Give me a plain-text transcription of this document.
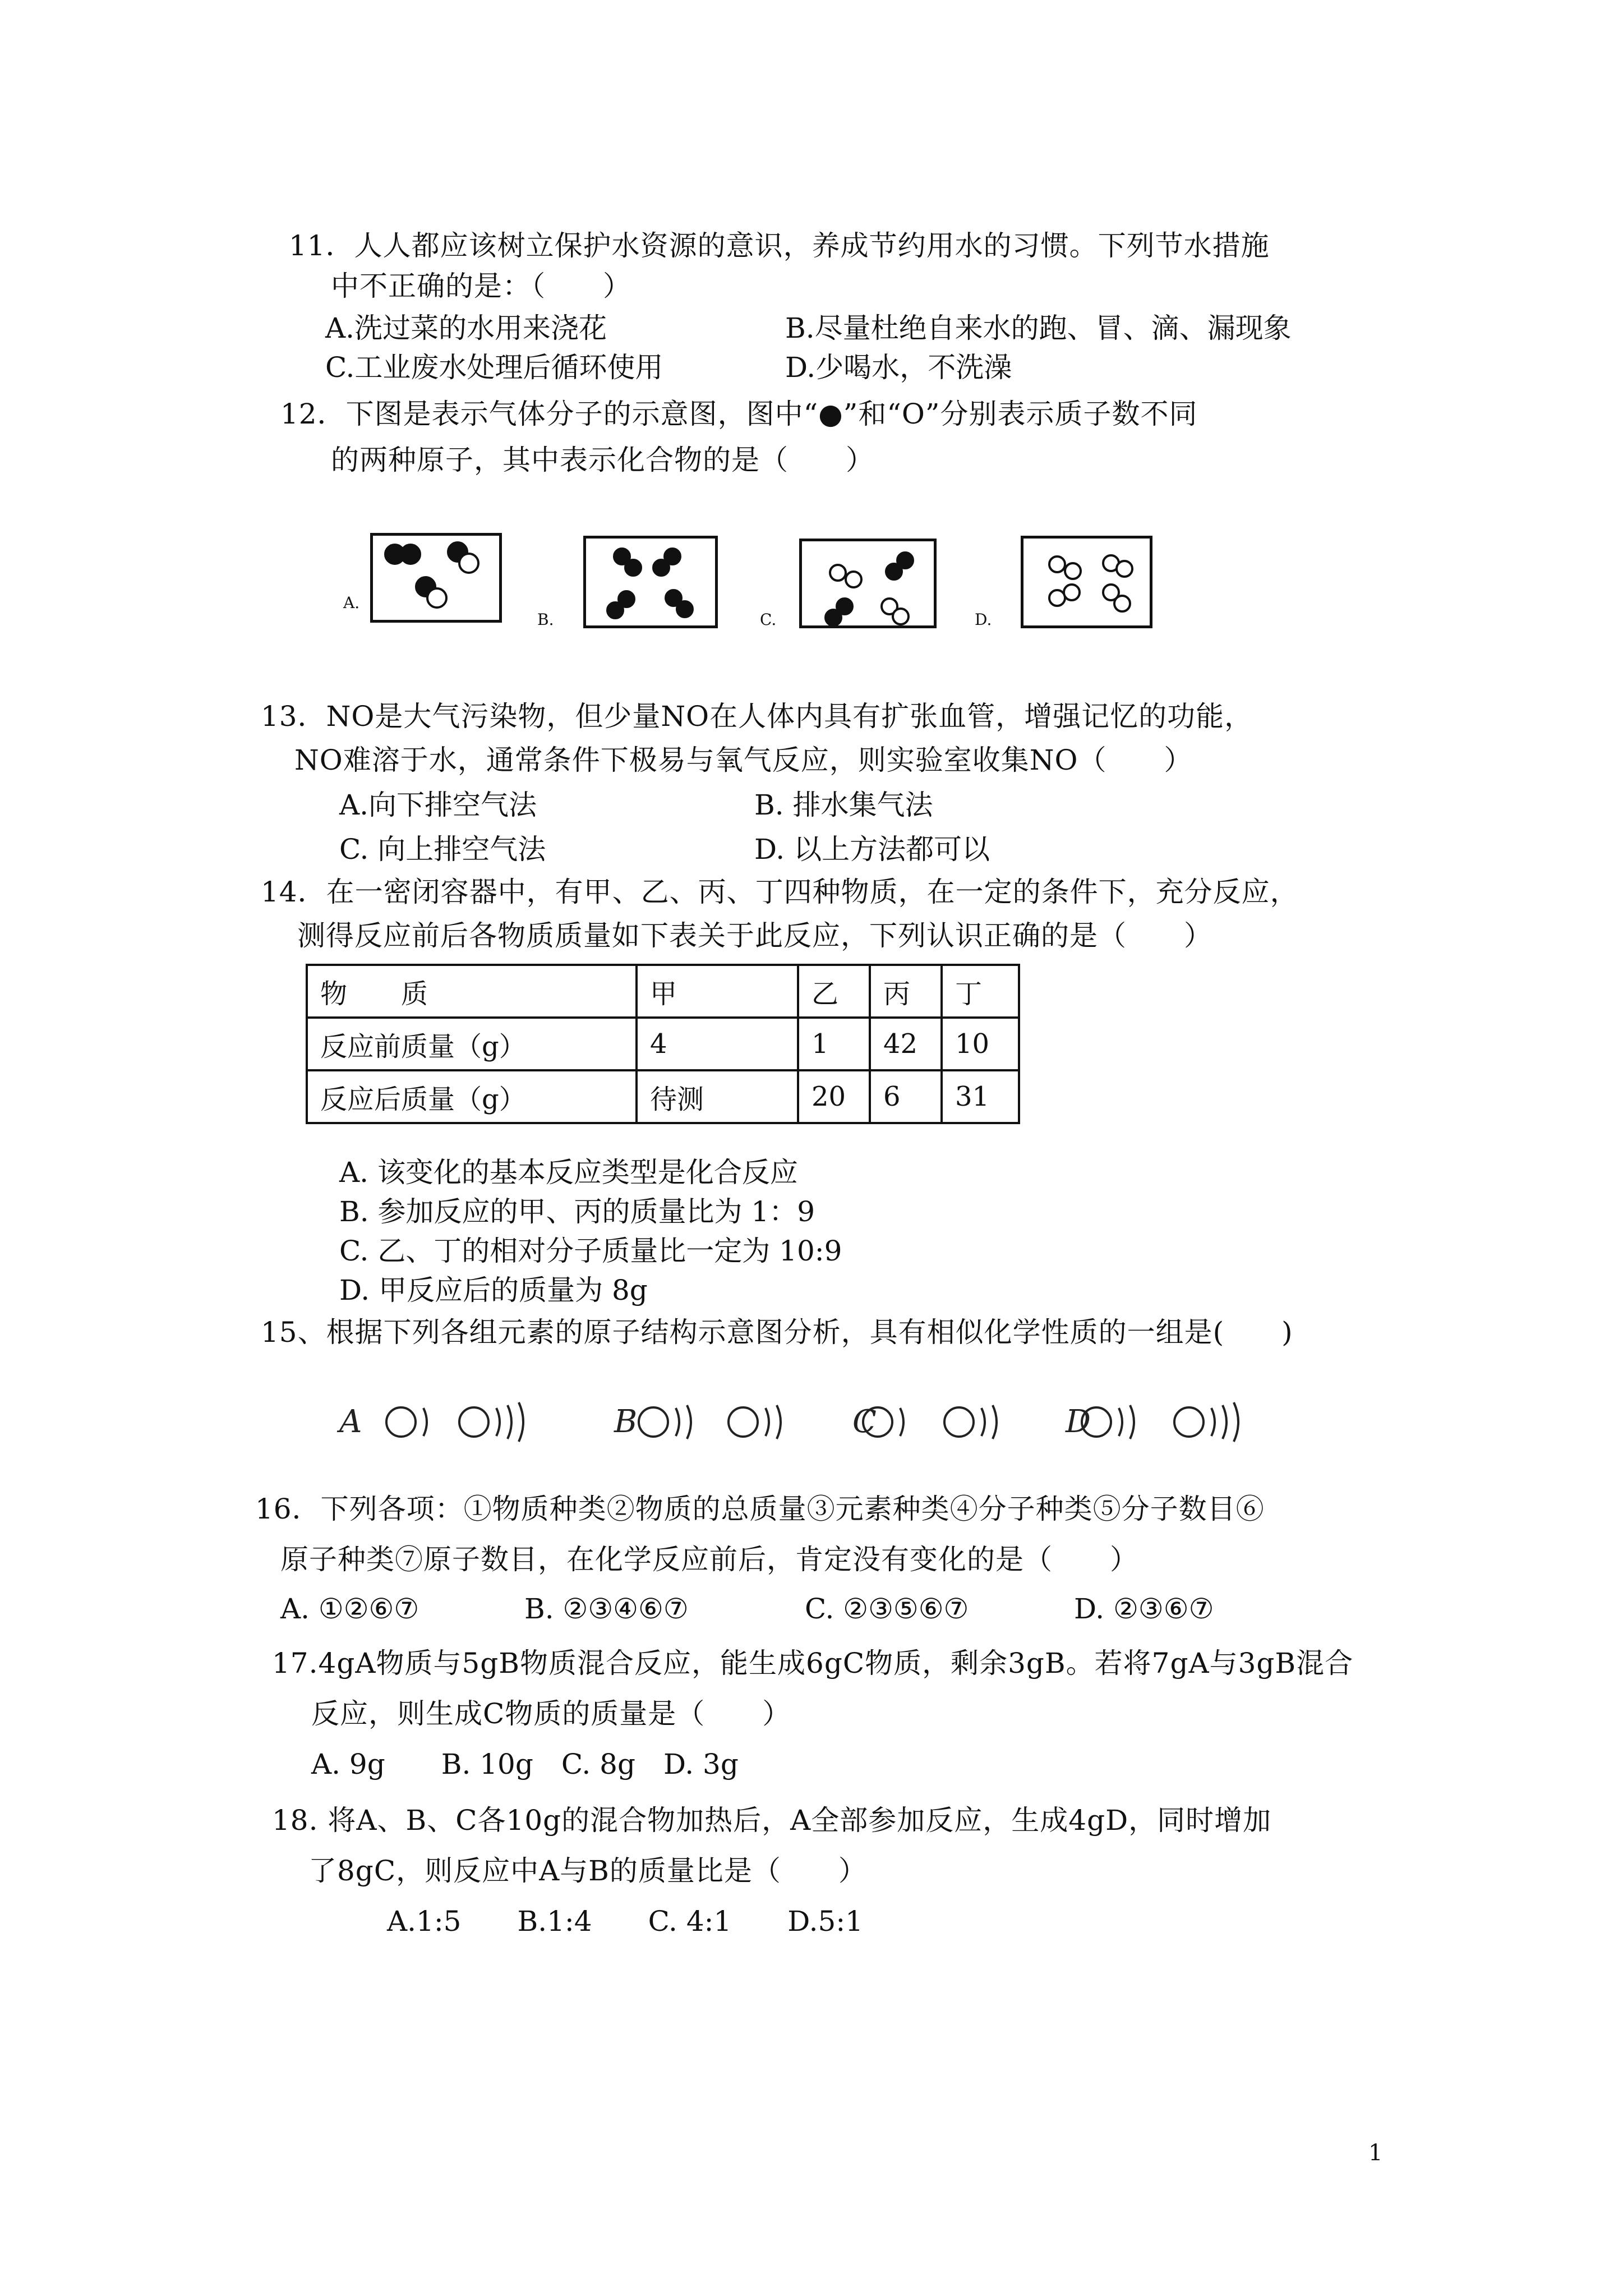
11．人人都应该树立保护水资源的意识，养成节约用水的习惯。下列节水措施
中不正确的是：（　　）
A.洗过菜的水用来浇花	B.尽量杜绝自来水的跑、冒、滴、漏现象
C.工业废水处理后循环使用	D.少喝水，不洗澡
12．下图是表示气体分子的示意图，图中“●”和“O”分别表示质子数不同
的两种原子，其中表示化合物的是（　　）
A.
B.	C.	D.
13．NO是大气污染物，但少量NO在人体内具有扩张血管，增强记忆的功能，
NO难溶于水，通常条件下极易与氧气反应，则实验室收集NO（　　）
A.向下排空气法	B. 排水集气法
C. 向上排空气法	D. 以上方法都可以
14．在一密闭容器中，有甲、乙、丙、丁四种物质，在一定的条件下，充分反应，
测得反应前后各物质质量如下表关于此反应，下列认识正确的是（　　）
物　　质	甲	乙	丙	丁
反应前质量（g）	4	1	42	10
反应后质量（g）	待测	20	6	31
A. 该变化的基本反应类型是化合反应
B. 参加反应的甲、丙的质量比为 1：9
C. 乙、丁的相对分子质量比一定为 10:9
D. 甲反应后的质量为 8g
15、根据下列各组元素的原子结构示意图分析，具有相似化学性质的一组是(　　)
A	B	C	D
16．下列各项：①物质种类②物质的总质量③元素种类④分子种类⑤分子数目⑥
原子种类⑦原子数目，在化学反应前后，肯定没有变化的是（　　）
A. ①②⑥⑦	B. ②③④⑥⑦	C. ②③⑤⑥⑦	D. ②③⑥⑦
17.4gA物质与5gB物质混合反应，能生成6gC物质，剩余3gB。若将7gA与3gB混合
反应，则生成C物质的质量是（　　）
A. 9g　　B. 10g　C. 8g　D. 3g
18. 将A、B、C各10g的混合物加热后，A全部参加反应，生成4gD，同时增加
了8gC，则反应中A与B的质量比是（　　）
A.1:5　　B.1:4　　C. 4:1　　D.5:1
1
